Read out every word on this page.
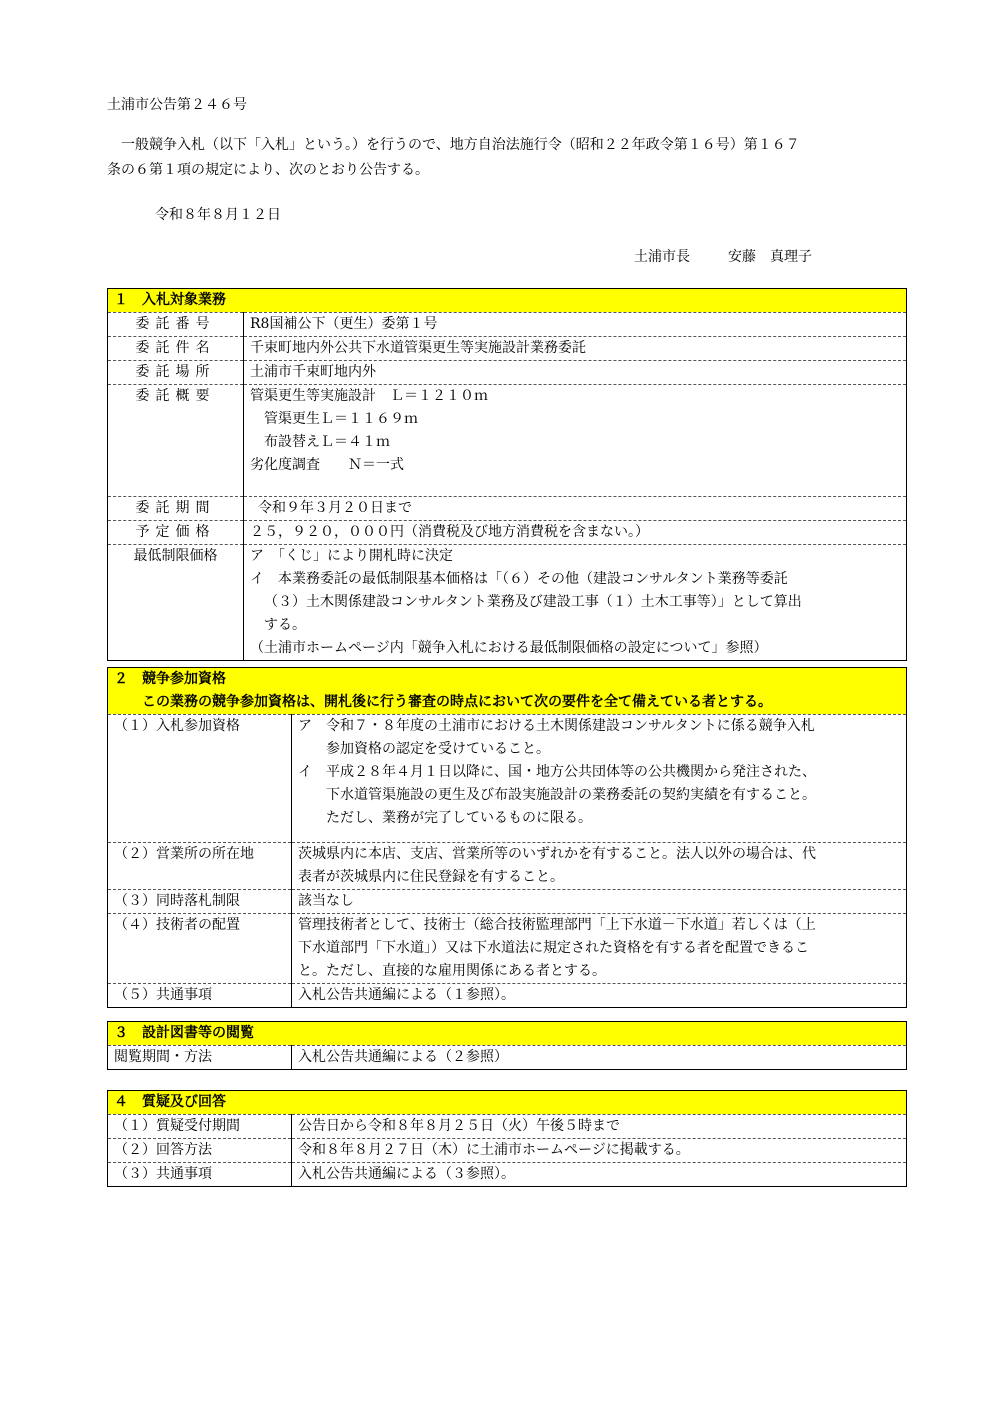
土浦市公告第２４６号

一般競争入札（以下「入札」という。）を行うので、地方自治法施行令（昭和２２年政令第１６号）第１６７
条の６第１項の規定により、次のとおり公告する。

令和８年８月１２日
土浦市長	安藤　真理子
１　入札対象業務	
委託番号	R8国補公下（更生）委第１号
委託件名	千束町地内外公共下水道管渠更生等実施設計業務委託
委託場所	土浦市千束町地内外
委託概要	管渠更生等実施設計　Ｌ＝１２１０ｍ
管渠更生Ｌ＝１１６９ｍ
布設替えＬ＝４１ｍ
劣化度調査　　Ｎ＝一式

委託期間	令和９年３月２０日まで
予定価格	２５，９２０，０００円（消費税及び地方消費税を含まない。）
最低制限価格	ア　「くじ」により開札時に決定
イ　本業務委託の最低制限基本価格は「（６）その他（建設コンサルタント業務等委託
（３）土木関係建設コンサルタント業務及び建設工事（１）土木工事等）」として算出
する。
（土浦市ホームページ内「競争入札における最低制限価格の設定について」参照）
２　競争参加資格
この業務の競争参加資格は、開札後に行う審査の時点において次の要件を全て備えている者とする。	

（１）入札参加資格	ア　令和７・８年度の土浦市における土木関係建設コンサルタントに係る競争入札
参加資格の認定を受けていること。
イ　平成２８年４月１日以降に、国・地方公共団体等の公共機関から発注された、
下水道管渠施設の更生及び布設実施設計の業務委託の契約実績を有すること。
ただし、業務が完了しているものに限る。

（２）営業所の所在地	茨城県内に本店、支店、営業所等のいずれかを有すること。法人以外の場合は、代
表者が茨城県内に住民登録を有すること。

（３）同時落札制限	該当なし
（４）技術者の配置	管理技術者として、技術士（総合技術監理部門「上下水道－下水道」若しくは（上
下水道部門「下水道」）又は下水道法に規定された資格を有する者を配置できるこ
と。ただし、直接的な雇用関係にある者とする。

（５）共通事項	入札公告共通編による（１参照）。
３　設計図書等の閲覧
閲覧期間・方法	入札公告共通編による（２参照）
４　質疑及び回答	
（１）質疑受付期間	公告日から令和８年８月２５日（火）午後５時まで
（２）回答方法	令和８年８月２７日（木）に土浦市ホームページに掲載する。
（３）共通事項	入札公告共通編による（３参照）。
